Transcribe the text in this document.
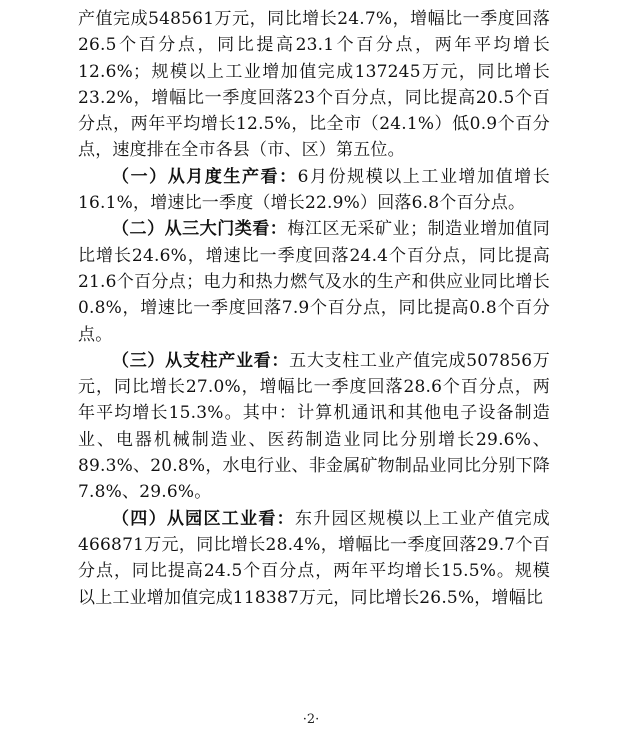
产值完成548561万元，同比增长24.7%，增幅比一季度回落26.5个百分点，同比提高23.1个百分点，两年平均增长12.6%；规模以上工业增加值完成137245万元，同比增长23.2%，增幅比一季度回落23个百分点，同比提高20.5个百分点，两年平均增长12.5%，比全市（24.1%）低0.9个百分点，速度排在全市各县（市、区）第五位。

（一）从月度生产看：6月份规模以上工业增加值增长16.1%，增速比一季度（增长22.9%）回落6.8个百分点。

（二）从三大门类看：梅江区无采矿业；制造业增加值同比增长24.6%，增速比一季度回落24.4个百分点，同比提高21.6个百分点；电力和热力燃气及水的生产和供应业同比增长0.8%，增速比一季度回落7.9个百分点，同比提高0.8个百分点。

（三）从支柱产业看：五大支柱工业产值完成507856万元，同比增长27.0%，增幅比一季度回落28.6个百分点，两年平均增长15.3%。其中：计算机通讯和其他电子设备制造业、电器机械制造业、医药制造业同比分别增长29.6%、89.3%、20.8%，水电行业、非金属矿物制品业同比分别下降7.8%、29.6%。

（四）从园区工业看：东升园区规模以上工业产值完成466871万元，同比增长28.4%，增幅比一季度回落29.7个百分点，同比提高24.5个百分点，两年平均增长15.5%。规模以上工业增加值完成118387万元，同比增长26.5%，增幅比

·2·
